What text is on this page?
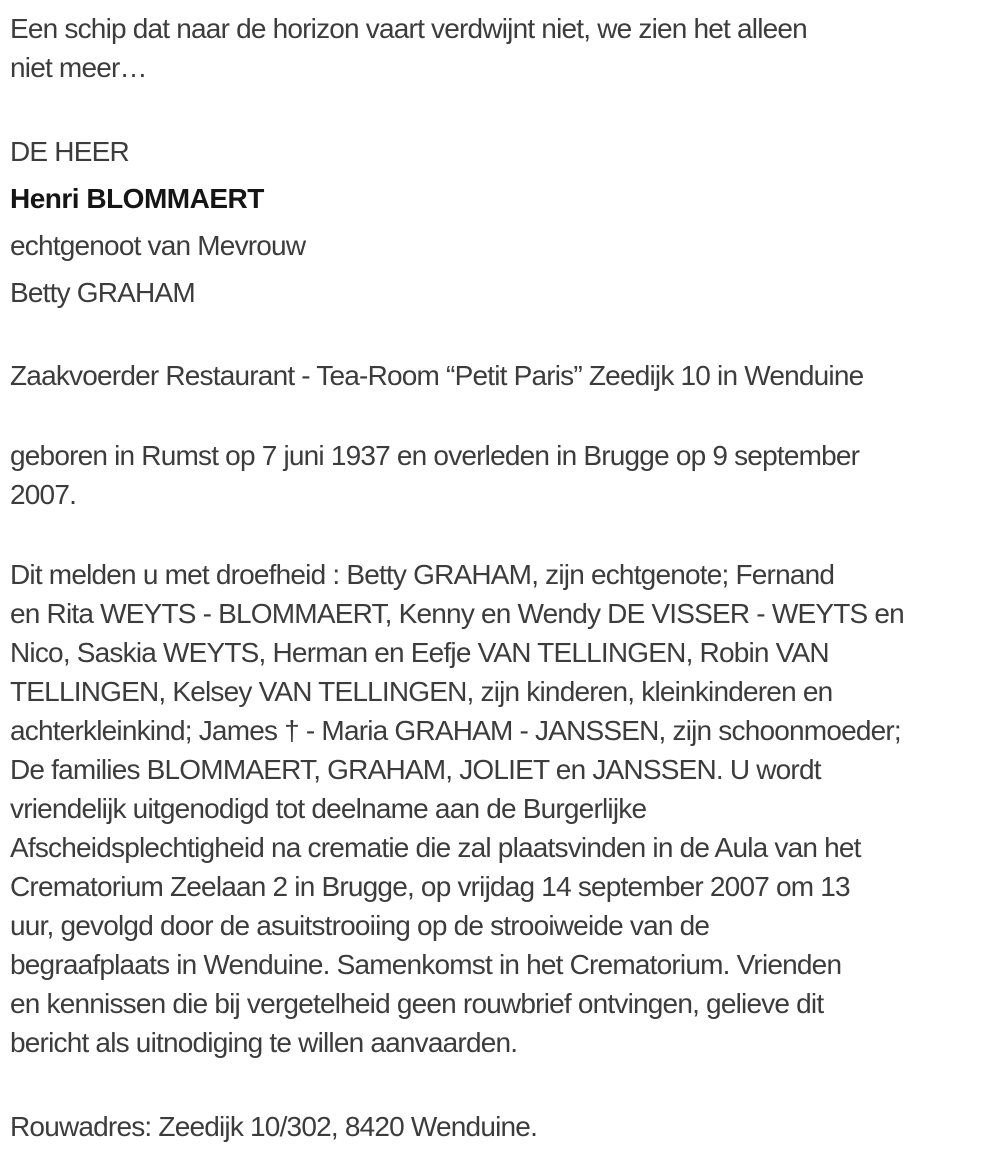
Een schip dat naar de horizon vaart verdwijnt niet, we zien het alleen
niet meer…
DE HEER
Henri BLOMMAERT
echtgenoot van Mevrouw
Betty GRAHAM
Zaakvoerder Restaurant - Tea-Room “Petit Paris” Zeedijk 10 in Wenduine
geboren in Rumst op 7 juni 1937 en overleden in Brugge op 9 september
2007.
Dit melden u met droefheid : Betty GRAHAM, zijn echtgenote; Fernand
en Rita WEYTS - BLOMMAERT, Kenny en Wendy DE VISSER - WEYTS en
Nico, Saskia WEYTS, Herman en Eefje VAN TELLINGEN, Robin VAN
TELLINGEN, Kelsey VAN TELLINGEN, zijn kinderen, kleinkinderen en
achterkleinkind; James † - Maria GRAHAM - JANSSEN, zijn schoonmoeder;
De families BLOMMAERT, GRAHAM, JOLIET en JANSSEN. U wordt
vriendelijk uitgenodigd tot deelname aan de Burgerlijke
Afscheidsplechtigheid na crematie die zal plaatsvinden in de Aula van het
Crematorium Zeelaan 2 in Brugge, op vrijdag 14 september 2007 om 13
uur, gevolgd door de asuitstrooiing op de strooiweide van de
begraafplaats in Wenduine. Samenkomst in het Crematorium. Vrienden
en kennissen die bij vergetelheid geen rouwbrief ontvingen, gelieve dit
bericht als uitnodiging te willen aanvaarden.
Rouwadres: Zeedijk 10/302, 8420 Wenduine.
